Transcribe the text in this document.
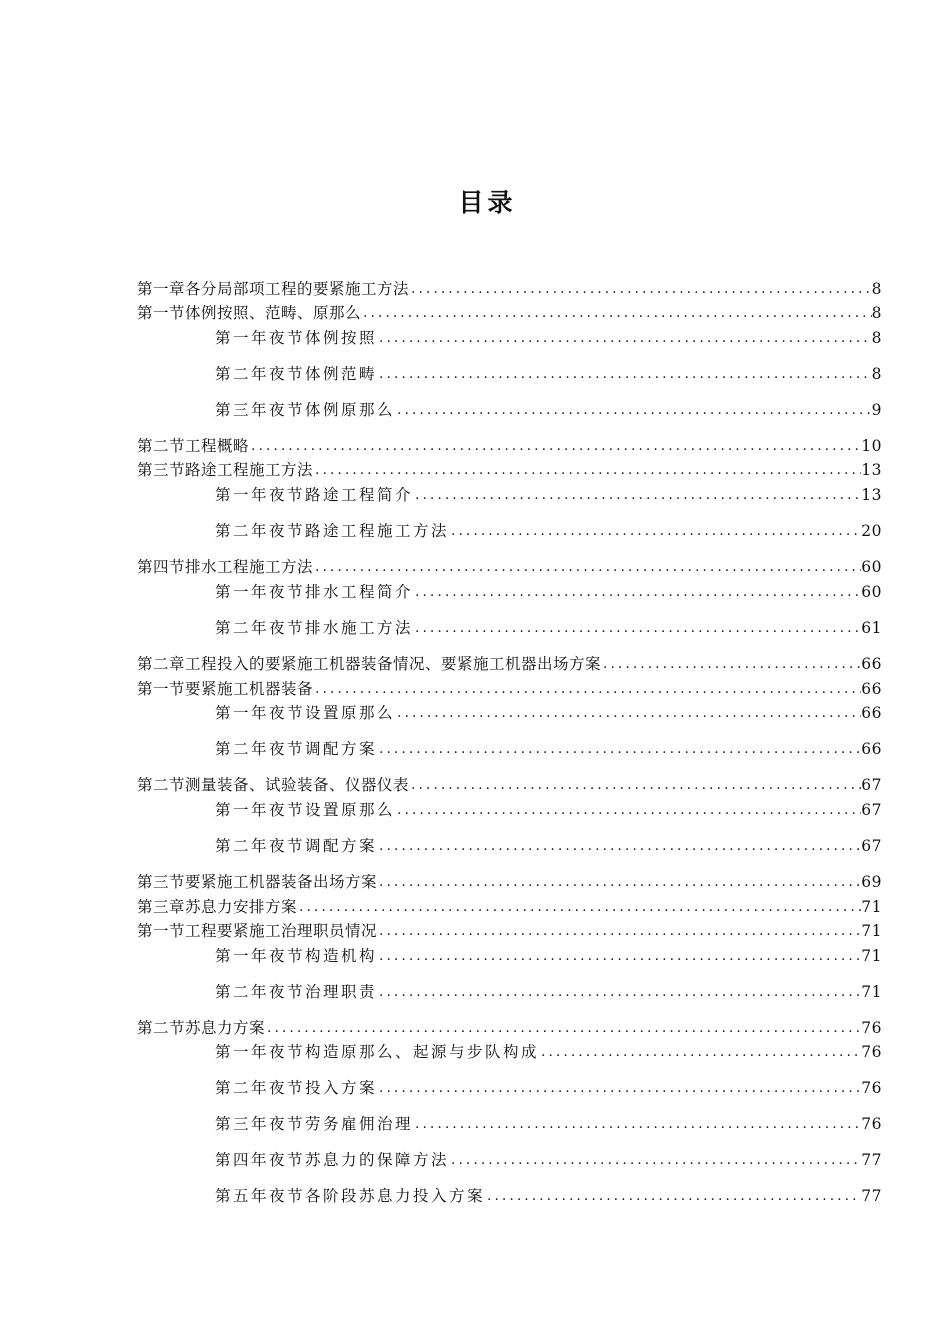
目录
第一章各分局部项工程的要紧施工方法 .....	8
第一节体例按照、范畴、原那么 .....	8
第一年夜节体例按照 .....	8
第二年夜节体例范畴 .....	8
第三年夜节体例原那么 .....	9
第二节工程概略 .....	10
第三节路途工程施工方法 .....	13
第一年夜节路途工程简介 .....	13
第二年夜节路途工程施工方法 .....	20
第四节排水工程施工方法 .....	60
第一年夜节排水工程简介 .....	60
第二年夜节排水施工方法 .....	61
第二章工程投入的要紧施工机器装备情况、要紧施工机器出场方案 .....	66
第一节要紧施工机器装备 .....	66
第一年夜节设置原那么 .....	66
第二年夜节调配方案 .....	66
第二节测量装备、试验装备、仪器仪表 .....	67
第一年夜节设置原那么 .....	67
第二年夜节调配方案 .....	67
第三节要紧施工机器装备出场方案 .....	69
第三章苏息力安排方案 .....	71
第一节工程要紧施工治理职员情况 .....	71
第一年夜节构造机构 .....	71
第二年夜节治理职责 .....	71
第二节苏息力方案 .....	76
第一年夜节构造原那么、起源与步队构成 .....	76
第二年夜节投入方案 .....	76
第三年夜节劳务雇佣治理 .....	76
第四年夜节苏息力的保障方法 .....	77
第五年夜节各阶段苏息力投入方案 .....	77
